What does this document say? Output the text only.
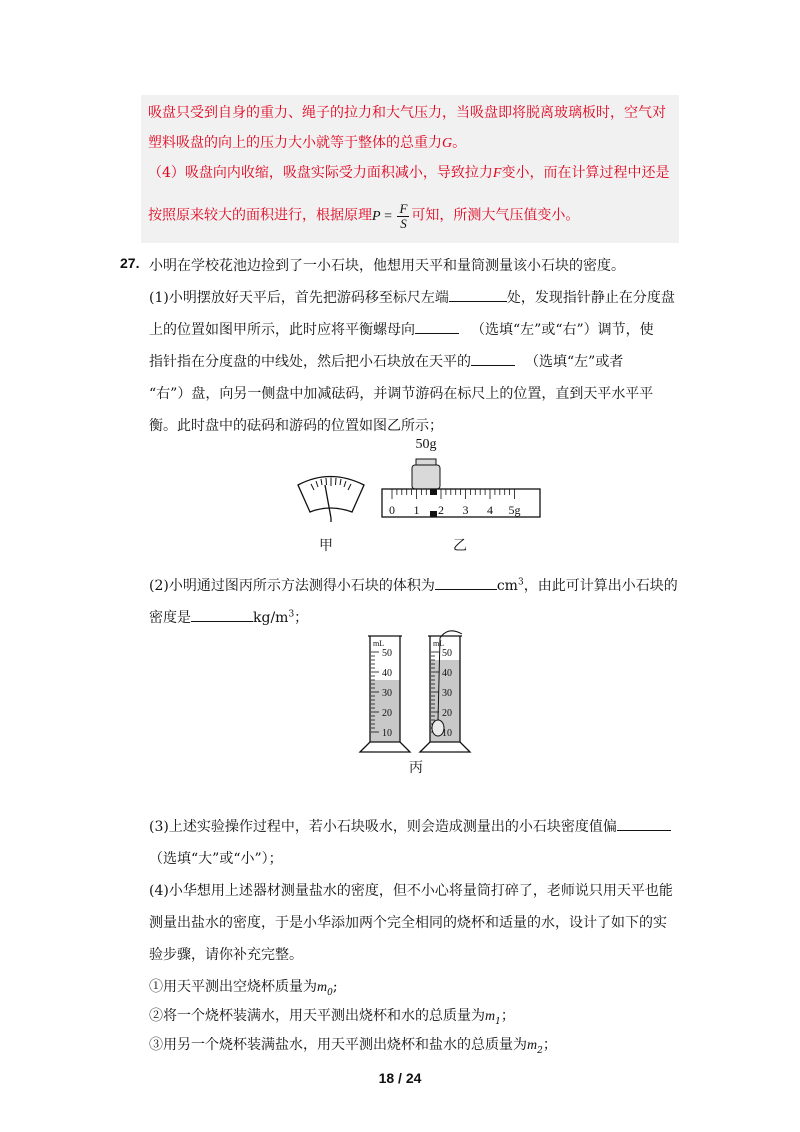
吸盘只受到自身的重力、绳子的拉力和大气压力，当吸盘即将脱离玻璃板时，空气对
塑料吸盘的向上的压力大小就等于整体的总重力G。
（4）吸盘向内收缩，吸盘实际受力面积减小，导致拉力F变小，而在计算过程中还是
按照原来较大的面积进行，根据原理$P = \frac{F}{S}$ 可知，所测大气压值变小。
27. 小明在学校花池边捡到了一小石块，他想用天平和量筒测量该小石块的密度。
(1)小明摆放好天平后，首先把游码移至标尺左端	处，发现指针静止在分度盘
上的位置如图甲所示，此时应将平衡螺母向	（选填“左”或“右”）调节，使
指针指在分度盘的中线处，然后把小石块放在天平的	（选填“左”或者
“右”）盘，向另一侧盘中加减砝码，并调节游码在标尺上的位置，直到天平水平平
衡。此时盘中的砝码和游码的位置如图乙所示；
50g
0 1 2 3 4 5g
甲	乙
(2)小明通过图丙所示方法测得小石块的体积为	$cm^3$，由此可计算出小石块的
密度是	$kg/m^3$；
50
40
30
20
10
mL
50
40
30
20
10
mL
丙
(3)上述实验操作过程中，若小石块吸水，则会造成测量出的小石块密度值偏
（选填“大”或“小”）；
(4)小华想用上述器材测量盐水的密度，但不小心将量筒打碎了，老师说只用天平也能
测量出盐水的密度，于是小华添加两个完全相同的烧杯和适量的水，设计了如下的实
验步骤，请你补充完整。
①用天平测出空烧杯质量为$m_0$;
②将一个烧杯装满水，用天平测出烧杯和水的总质量为$m_1$；
③用另一个烧杯装满盐水，用天平测出烧杯和盐水的总质量为$m_2$；
18 / 24
